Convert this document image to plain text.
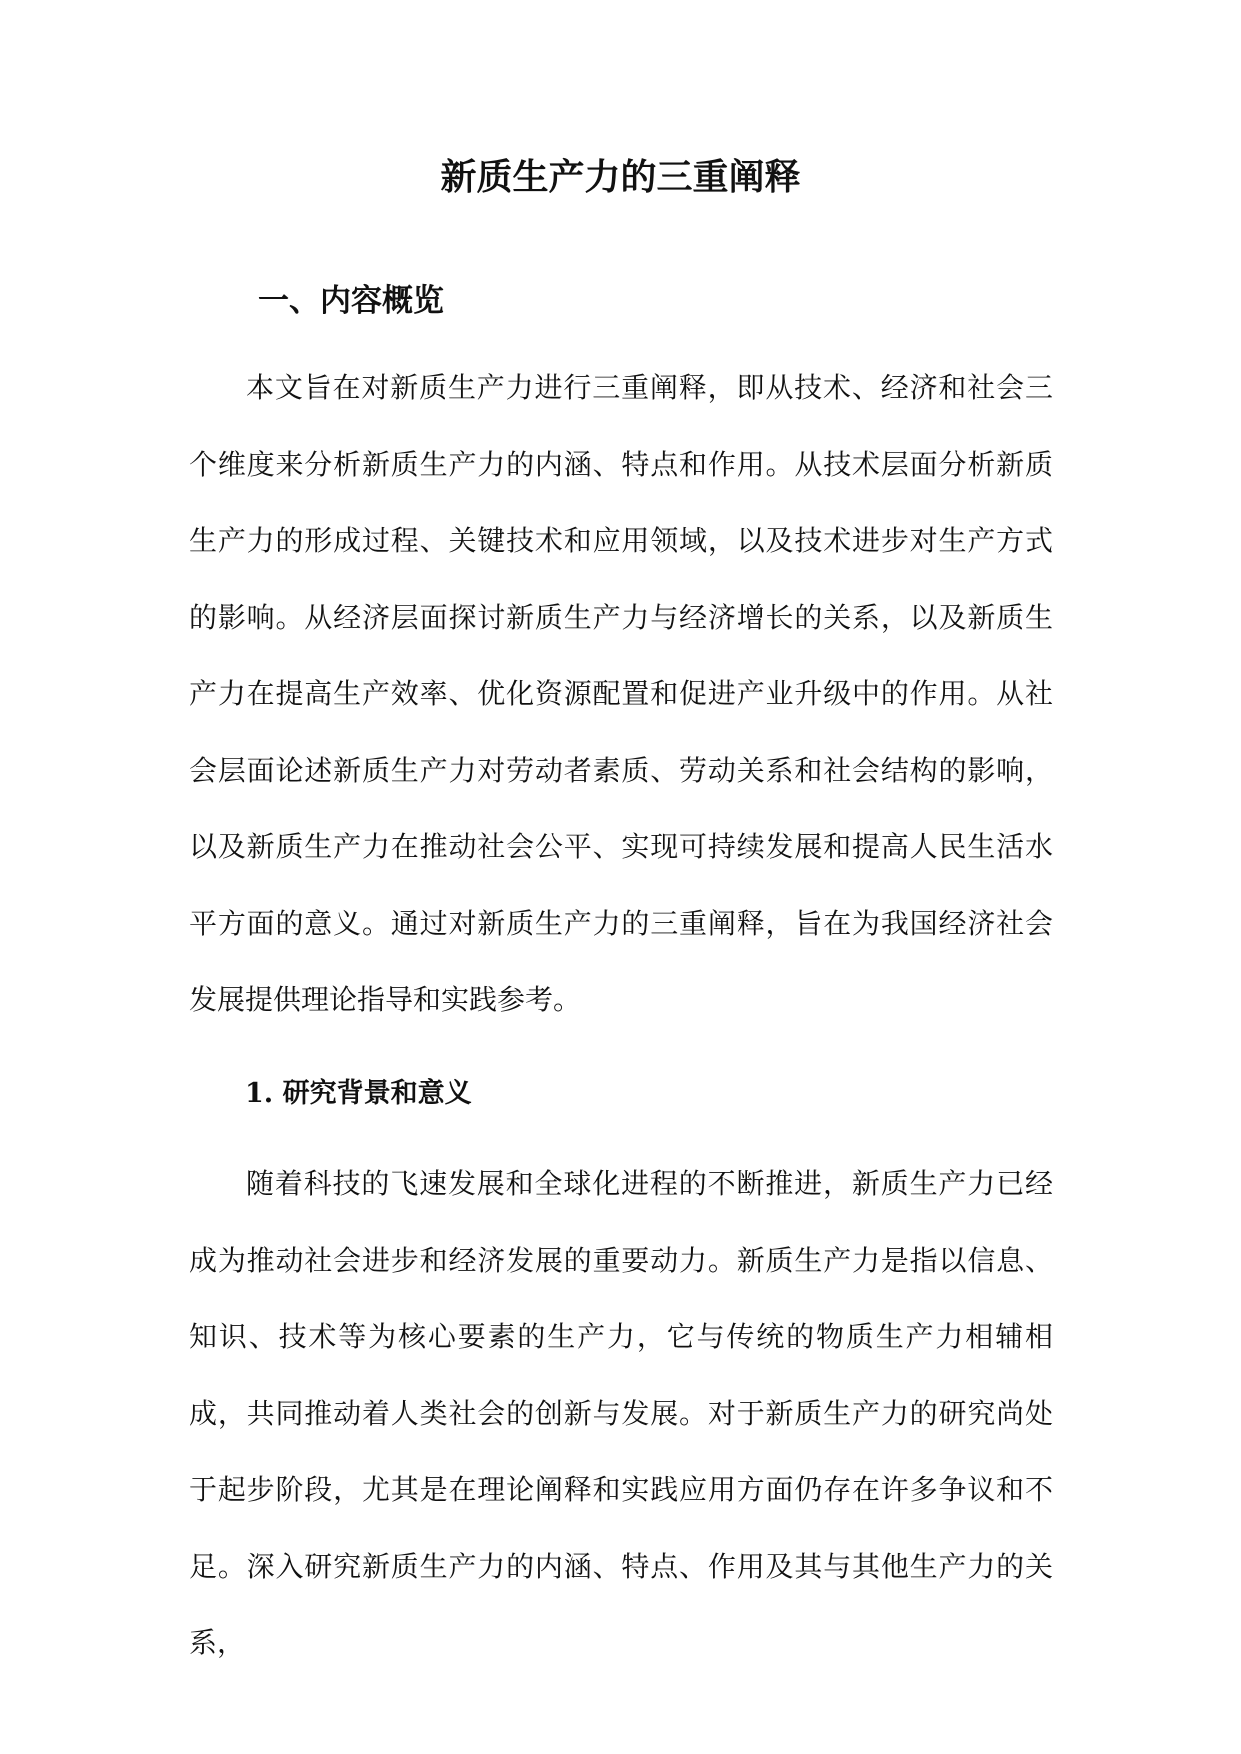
新质生产力的三重阐释
一、内容概览

本文旨在对新质生产力进行三重阐释，即从技术、经济和社会三个维度来分析新质生产力的内涵、特点和作用。从技术层面分析新质生产力的形成过程、关键技术和应用领域，以及技术进步对生产方式的影响。从经济层面探讨新质生产力与经济增长的关系，以及新质生产力在提高生产效率、优化资源配置和促进产业升级中的作用。从社会层面论述新质生产力对劳动者素质、劳动关系和社会结构的影响，以及新质生产力在推动社会公平、实现可持续发展和提高人民生活水平方面的意义。通过对新质生产力的三重阐释，旨在为我国经济社会发展提供理论指导和实践参考。

1. 研究背景和意义

随着科技的飞速发展和全球化进程的不断推进，新质生产力已经成为推动社会进步和经济发展的重要动力。新质生产力是指以信息、知识、技术等为核心要素的生产力，它与传统的物质生产力相辅相成，共同推动着人类社会的创新与发展。对于新质生产力的研究尚处于起步阶段，尤其是在理论阐释和实践应用方面仍存在许多争议和不足。深入研究新质生产力的内涵、特点、作用及其与其他生产力的关系，
